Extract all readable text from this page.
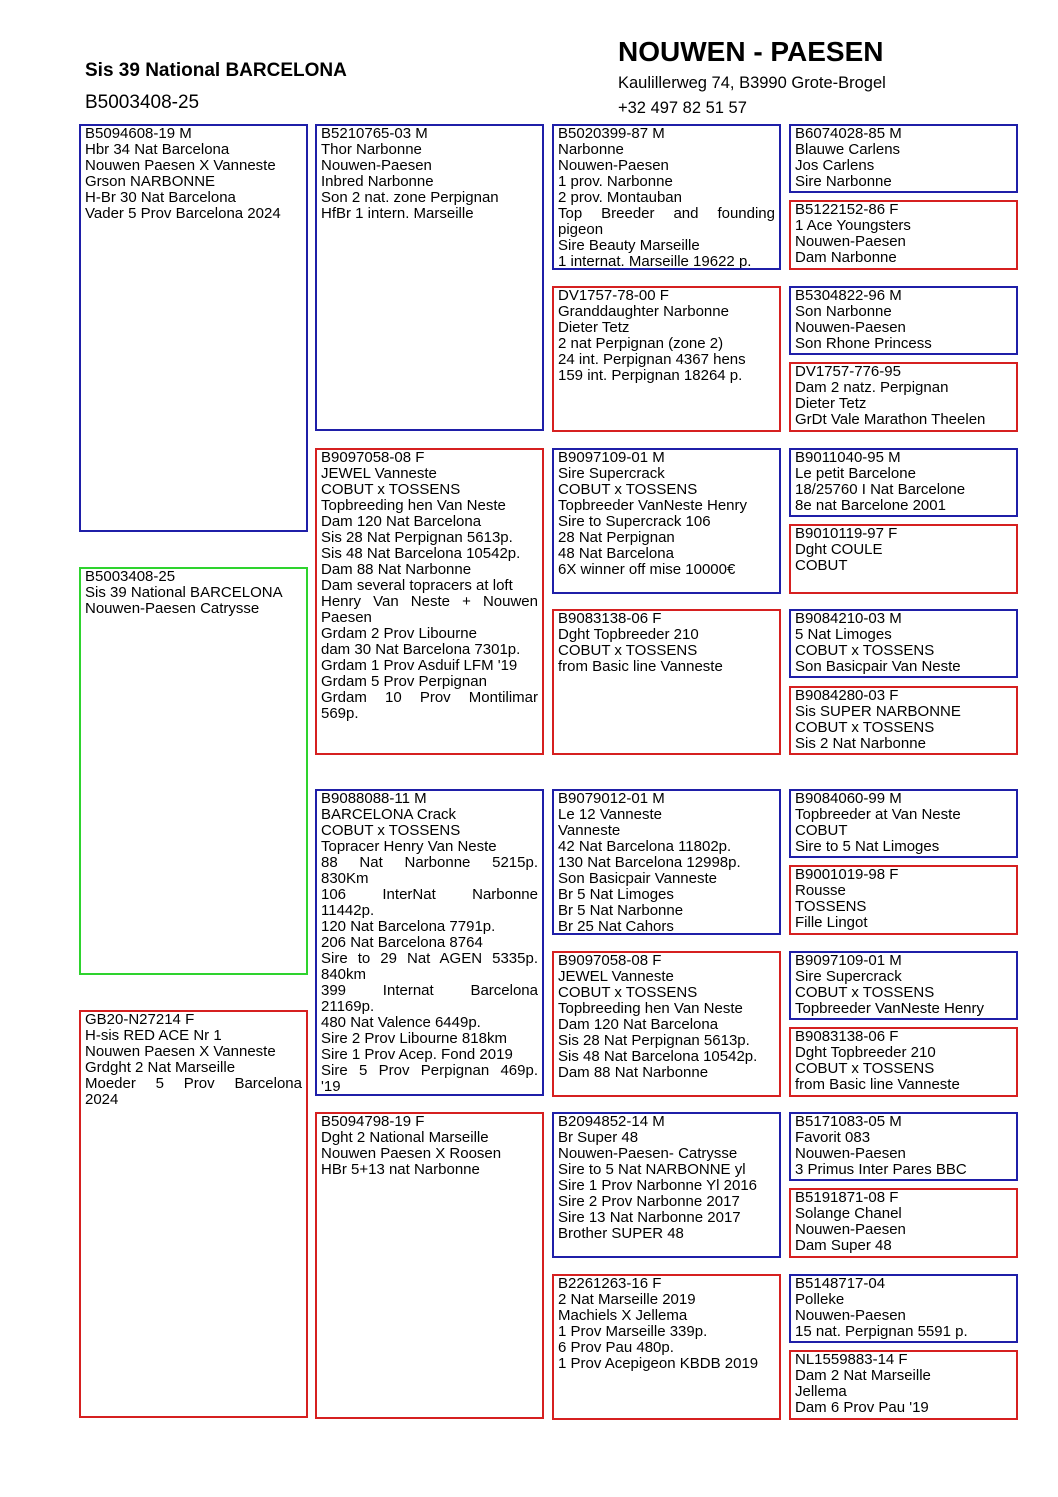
Sis 39 National BARCELONA
B5003408-25
NOUWEN - PAESEN
Kaulillerweg 74, B3990 Grote-Brogel
+32 497 82 51 57
B5094608-19 M
Hbr 34 Nat Barcelona
Nouwen Paesen X Vanneste
Grson NARBONNE
H-Br 30 Nat Barcelona
Vader 5 Prov Barcelona 2024
B5003408-25
Sis 39 National BARCELONA
Nouwen-Paesen Catrysse
GB20-N27214 F
H-sis RED ACE Nr 1
Nouwen Paesen X Vanneste
Grdght 2 Nat Marseille
Moeder 5 Prov Barcelona
2024
B5210765-03 M
Thor Narbonne
Nouwen-Paesen
Inbred Narbonne
Son 2 nat. zone Perpignan
HfBr 1 intern. Marseille
B9097058-08 F
JEWEL Vanneste
COBUT x TOSSENS
Topbreeding hen Van Neste
Dam 120 Nat Barcelona
Sis 28 Nat Perpignan 5613p.
Sis 48 Nat Barcelona 10542p.
Dam 88 Nat Narbonne
Dam several topracers at loft
Henry Van Neste + Nouwen
Paesen
Grdam 2 Prov Libourne
dam 30 Nat Barcelona 7301p.
Grdam 1 Prov Asduif LFM '19
Grdam 5 Prov Perpignan
Grdam 10 Prov Montilimar
569p.
B9088088-11 M
BARCELONA Crack
COBUT x TOSSENS
Topracer Henry Van Neste
88 Nat Narbonne 5215p.
830Km
106 InterNat Narbonne
11442p.
120 Nat Barcelona 7791p.
206 Nat Barcelona 8764
Sire to 29 Nat AGEN 5335p.
840km
399 Internat Barcelona
21169p.
480 Nat Valence 6449p.
Sire 2 Prov Libourne 818km
Sire 1 Prov Acep. Fond 2019
Sire 5 Prov Perpignan 469p.
'19
B5094798-19 F
Dght 2 National Marseille
Nouwen Paesen X Roosen
HBr 5+13 nat Narbonne
B5020399-87 M
Narbonne
Nouwen-Paesen
1 prov. Narbonne
2 prov. Montauban
Top Breeder and founding
pigeon
Sire Beauty Marseille
1 internat. Marseille 19622 p.
DV1757-78-00 F
Granddaughter Narbonne
Dieter Tetz
2 nat Perpignan (zone 2)
24 int. Perpignan 4367 hens
159 int. Perpignan 18264 p.
B9097109-01 M
Sire Supercrack
COBUT x TOSSENS
Topbreeder VanNeste Henry
Sire to Supercrack 106
28 Nat Perpignan
48 Nat Barcelona
6X winner off mise 10000€
B9083138-06 F
Dght Topbreeder 210
COBUT x TOSSENS
from Basic line Vanneste
B9079012-01 M
Le 12 Vanneste
Vanneste
42 Nat Barcelona 11802p.
130 Nat Barcelona 12998p.
Son Basicpair Vanneste
Br 5 Nat Limoges
Br 5 Nat Narbonne
Br 25 Nat Cahors
B9097058-08 F
JEWEL Vanneste
COBUT x TOSSENS
Topbreeding hen Van Neste
Dam 120 Nat Barcelona
Sis 28 Nat Perpignan 5613p.
Sis 48 Nat Barcelona 10542p.
Dam 88 Nat Narbonne
B2094852-14 M
Br Super 48
Nouwen-Paesen- Catrysse
Sire to 5 Nat NARBONNE yl
Sire 1 Prov Narbonne Yl 2016
Sire 2 Prov Narbonne 2017
Sire 13 Nat Narbonne 2017
Brother SUPER 48
B2261263-16 F
2 Nat Marseille 2019
Machiels X Jellema
1 Prov Marseille 339p.
6 Prov Pau 480p.
1 Prov Acepigeon KBDB 2019
B6074028-85 M
Blauwe Carlens
Jos Carlens
Sire Narbonne
B5122152-86 F
1 Ace Youngsters
Nouwen-Paesen
Dam Narbonne
B5304822-96 M
Son Narbonne
Nouwen-Paesen
Son Rhone Princess
DV1757-776-95
Dam 2 natz. Perpignan
Dieter Tetz
GrDt Vale Marathon Theelen
B9011040-95 M
Le petit Barcelone
18/25760 I Nat Barcelone
8e nat Barcelone 2001
B9010119-97 F
Dght COULE
COBUT
B9084210-03 M
5 Nat Limoges
COBUT x TOSSENS
Son Basicpair Van Neste
B9084280-03 F
Sis SUPER NARBONNE
COBUT x TOSSENS
Sis 2 Nat Narbonne
B9084060-99 M
Topbreeder at Van Neste
COBUT
Sire to 5 Nat Limoges
B9001019-98 F
Rousse
TOSSENS
Fille Lingot
B9097109-01 M
Sire Supercrack
COBUT x TOSSENS
Topbreeder VanNeste Henry
B9083138-06 F
Dght Topbreeder 210
COBUT x TOSSENS
from Basic line Vanneste
B5171083-05 M
Favorit 083
Nouwen-Paesen
3 Primus Inter Pares BBC
B5191871-08 F
Solange Chanel
Nouwen-Paesen
Dam Super 48
B5148717-04
Polleke
Nouwen-Paesen
15 nat. Perpignan 5591 p.
NL1559883-14 F
Dam 2 Nat Marseille
Jellema
Dam 6 Prov Pau '19
